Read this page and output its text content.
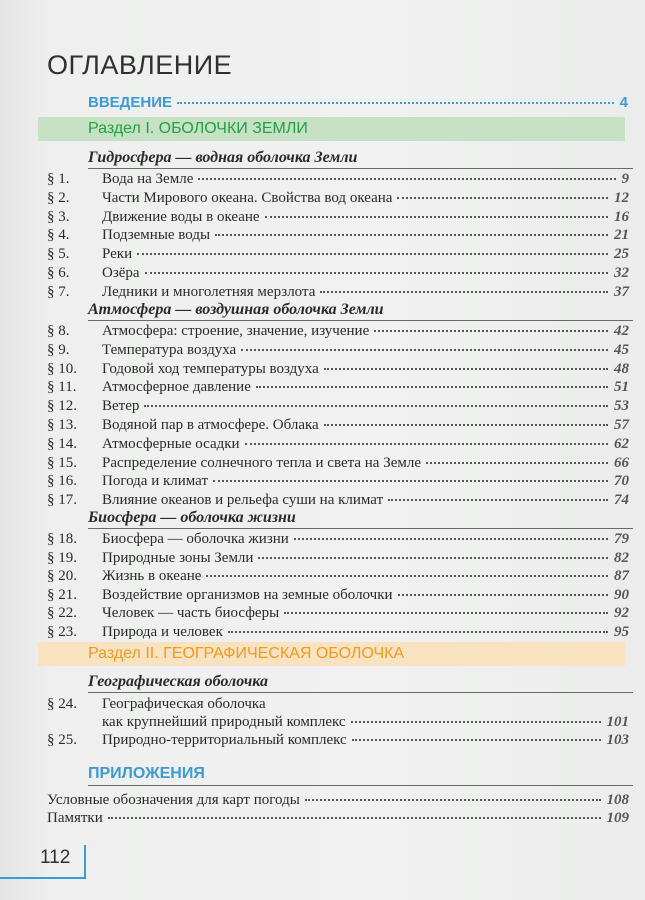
ОГЛАВЛЕНИЕ
ВВЕДЕНИЕ	4
Раздел I. ОБОЛОЧКИ ЗЕМЛИ
Гидросфера — водная оболочка Земли
§ 1.	Вода на Земле	9
§ 2.	Части Мирового океана. Свойства вод океана	12
§ 3.	Движение воды в океане	16
§ 4.	Подземные воды	21
§ 5.	Реки	25
§ 6.	Озёра	32
§ 7.	Ледники и многолетняя мерзлота	37
Атмосфера — воздушная оболочка Земли
§ 8.	Атмосфера: строение, значение, изучение	42
§ 9.	Температура воздуха	45
§ 10.	Годовой ход температуры воздуха	48
§ 11.	Атмосферное давление	51
§ 12.	Ветер	53
§ 13.	Водяной пар в атмосфере. Облака	57
§ 14.	Атмосферные осадки	62
§ 15.	Распределение солнечного тепла и света на Земле	66
§ 16.	Погода и климат	70
§ 17.	Влияние океанов и рельефа суши на климат	74
Биосфера — оболочка жизни
§ 18.	Биосфера — оболочка жизни	79
§ 19.	Природные зоны Земли	82
§ 20.	Жизнь в океане	87
§ 21.	Воздействие организмов на земные оболочки	90
§ 22.	Человек — часть биосферы	92
§ 23.	Природа и человек	95
Раздел II. ГЕОГРАФИЧЕСКАЯ ОБОЛОЧКА
Географическая оболочка
§ 24.	Географическая оболочка
как крупнейший природный комплекс	101
§ 25.	Природно-территориальный комплекс	103
ПРИЛОЖЕНИЯ
Условные обозначения для карт погоды	108
Памятки	109
112
